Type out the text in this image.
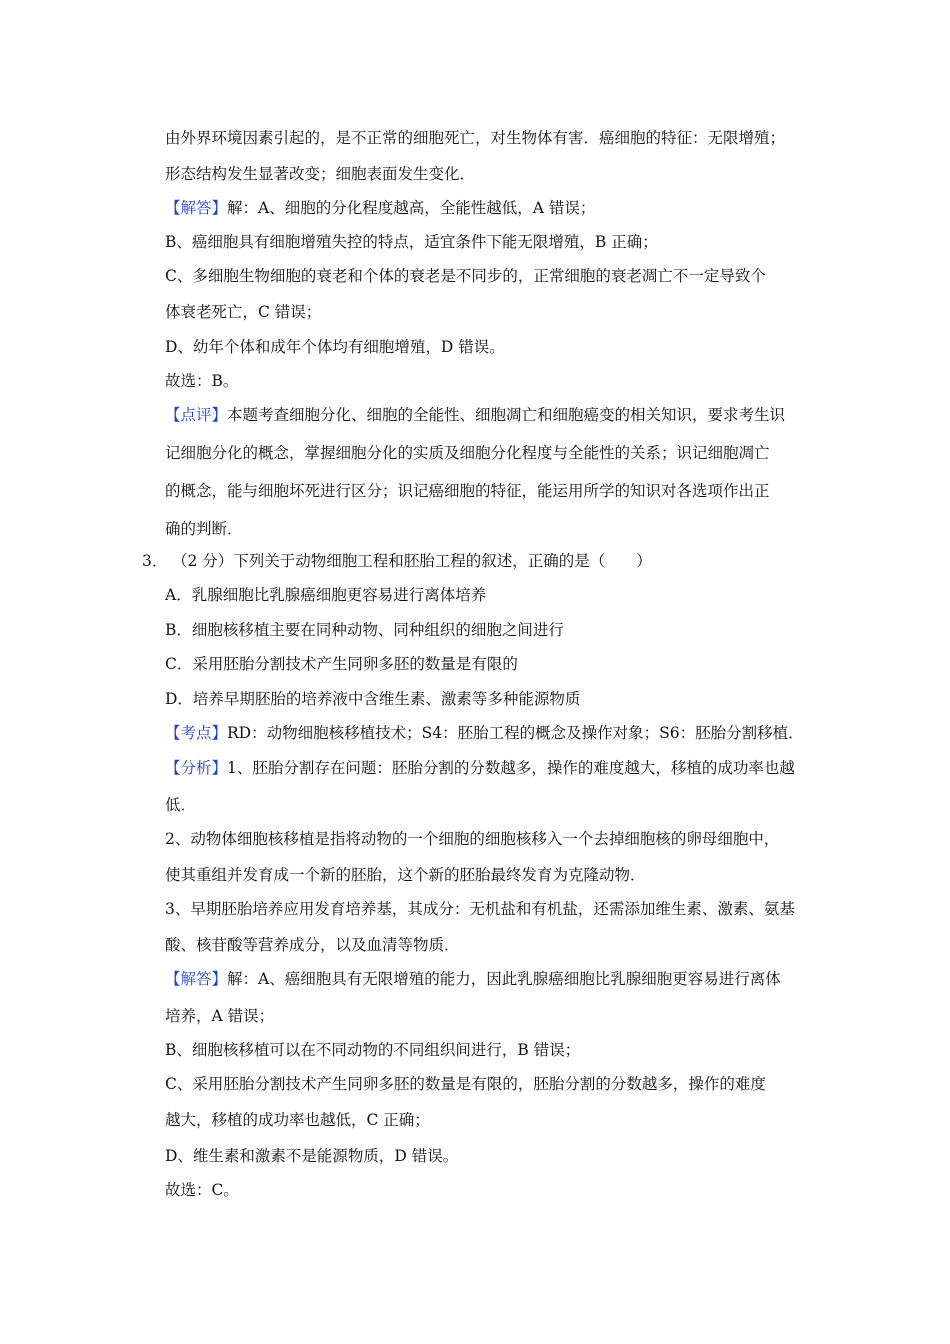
由外界环境因素引起的，是不正常的细胞死亡，对生物体有害．癌细胞的特征：无限增殖；
形态结构发生显著改变；细胞表面发生变化．
【解答】解：A、细胞的分化程度越高，全能性越低，A 错误；
B、癌细胞具有细胞增殖失控的特点，适宜条件下能无限增殖，B 正确；
C、多细胞生物细胞的衰老和个体的衰老是不同步的，正常细胞的衰老凋亡不一定导致个
体衰老死亡，C 错误；
D、幼年个体和成年个体均有细胞增殖，D 错误。
故选：B。
【点评】本题考查细胞分化、细胞的全能性、细胞凋亡和细胞癌变的相关知识，要求考生识
记细胞分化的概念，掌握细胞分化的实质及细胞分化程度与全能性的关系；识记细胞凋亡
的概念，能与细胞坏死进行区分；识记癌细胞的特征，能运用所学的知识对各选项作出正
确的判断．
3． （2 分）下列关于动物细胞工程和胚胎工程的叙述，正确的是（　　）
A．乳腺细胞比乳腺癌细胞更容易进行离体培养
B．细胞核移植主要在同种动物、同种组织的细胞之间进行
C．采用胚胎分割技术产生同卵多胚的数量是有限的
D．培养早期胚胎的培养液中含维生素、激素等多种能源物质
【考点】RD：动物细胞核移植技术；S4：胚胎工程的概念及操作对象；S6：胚胎分割移植．
【分析】1、胚胎分割存在问题：胚胎分割的分数越多，操作的难度越大，移植的成功率也越
低．
2、动物体细胞核移植是指将动物的一个细胞的细胞核移入一个去掉细胞核的卵母细胞中，
使其重组并发育成一个新的胚胎，这个新的胚胎最终发育为克隆动物．
3、早期胚胎培养应用发育培养基，其成分：无机盐和有机盐，还需添加维生素、激素、氨基
酸、核苷酸等营养成分，以及血清等物质．
【解答】解：A、癌细胞具有无限增殖的能力，因此乳腺癌细胞比乳腺细胞更容易进行离体
培养，A 错误；
B、细胞核移植可以在不同动物的不同组织间进行，B 错误；
C、采用胚胎分割技术产生同卵多胚的数量是有限的，胚胎分割的分数越多，操作的难度
越大，移植的成功率也越低，C 正确；
D、维生素和激素不是能源物质，D 错误。
故选：C。
